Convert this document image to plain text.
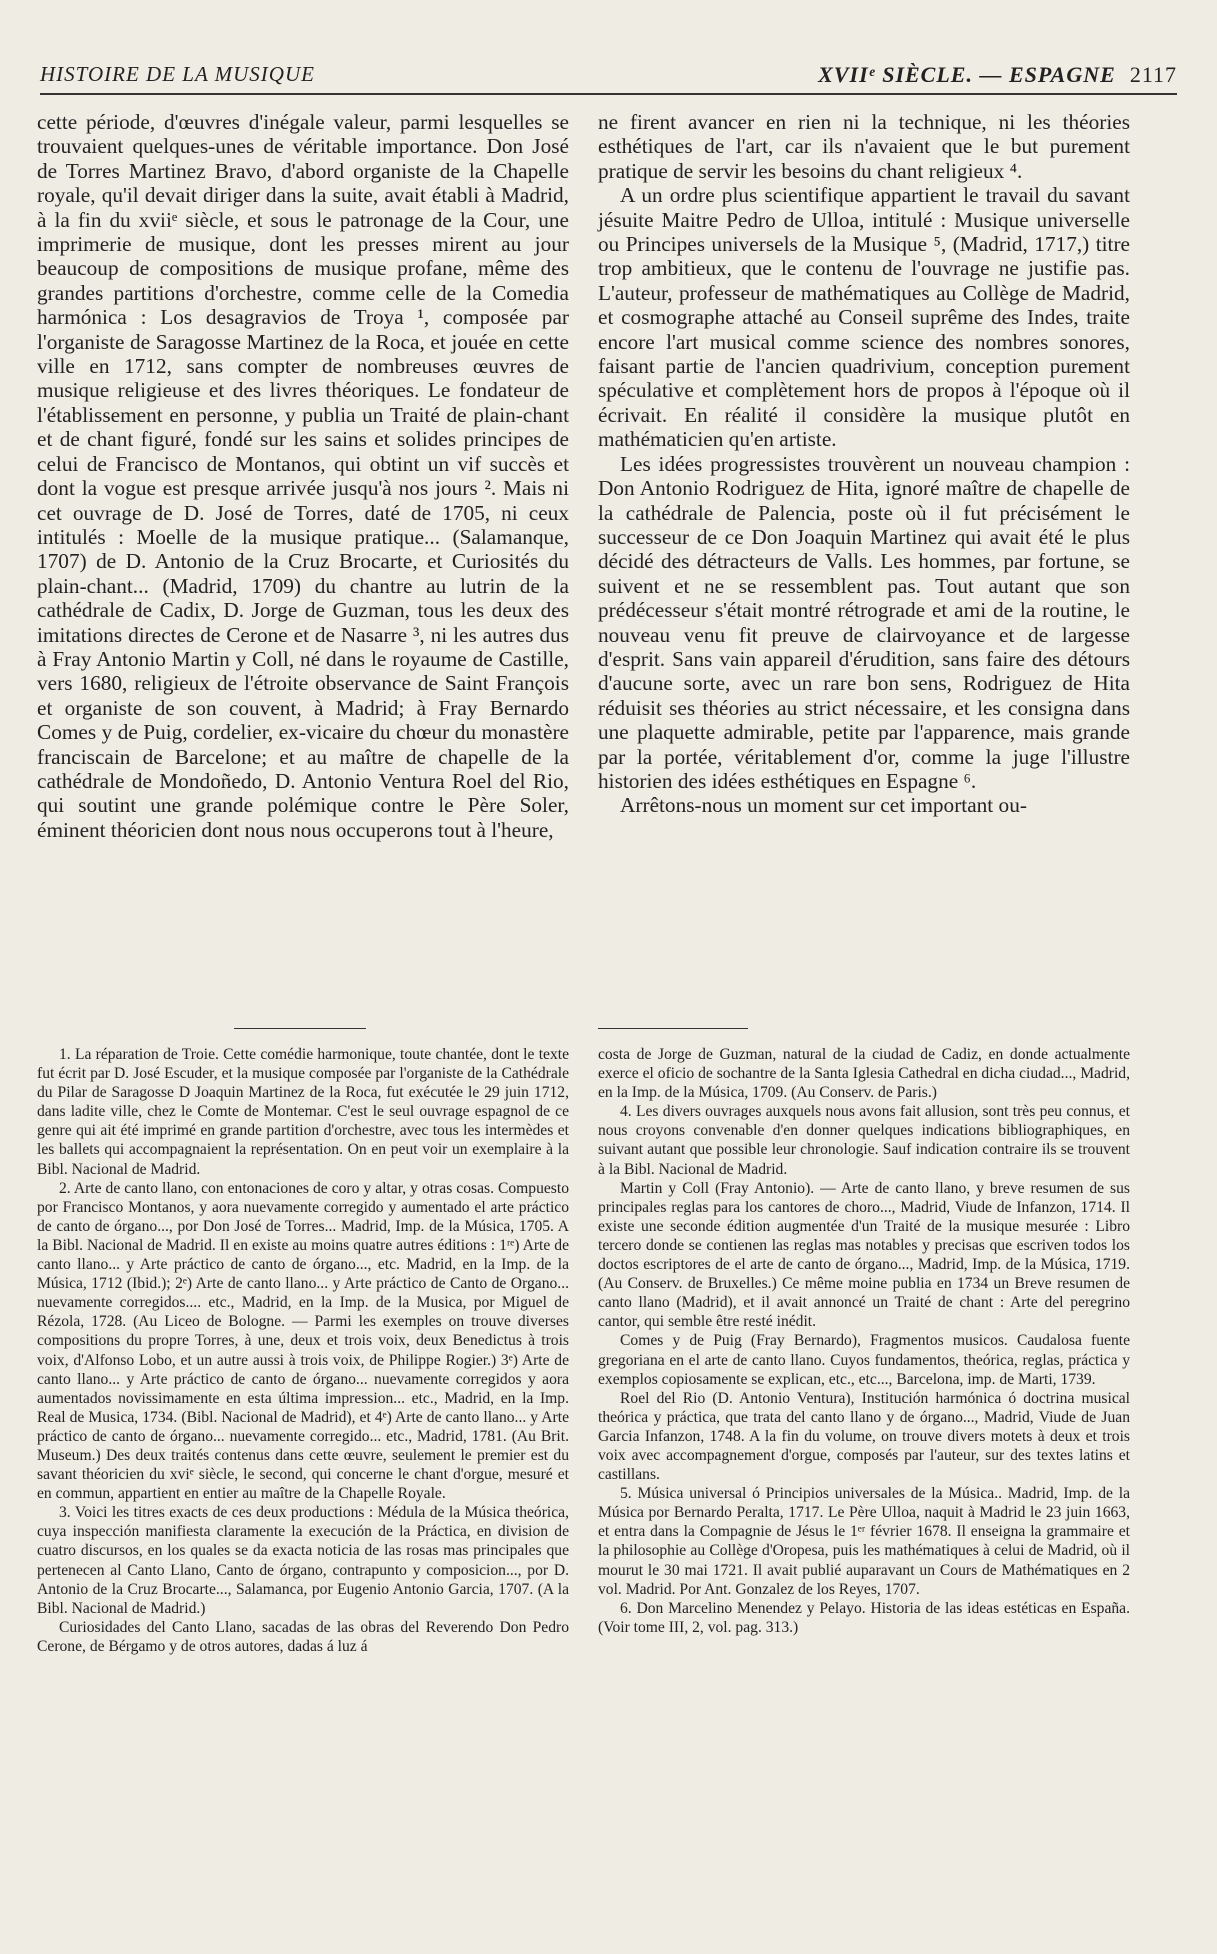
HISTOIRE DE LA MUSIQUE	XVIIᵉ SIÈCLE. — ESPAGNE 2117

cette période, d'œuvres d'inégale valeur, parmi lesquelles se trouvaient quelques-unes de véritable importance. Don José de Torres Martinez Bravo, d'abord organiste de la Chapelle royale, qu'il devait diriger dans la suite, avait établi à Madrid, à la fin du xviiᵉ siècle, et sous le patronage de la Cour, une imprimerie de musique, dont les presses mirent au jour beaucoup de compositions de musique profane, même des grandes partitions d'orchestre, comme celle de la Comedia harmónica : Los desagravios de Troya ¹, composée par l'organiste de Saragosse Martinez de la Roca, et jouée en cette ville en 1712, sans compter de nombreuses œuvres de musique religieuse et des livres théoriques. Le fondateur de l'établissement en personne, y publia un Traité de plain-chant et de chant figuré, fondé sur les sains et solides principes de celui de Francisco de Montanos, qui obtint un vif succès et dont la vogue est presque arrivée jusqu'à nos jours ². Mais ni cet ouvrage de D. José de Torres, daté de 1705, ni ceux intitulés : Moelle de la musique pratique... (Salamanque, 1707) de D. Antonio de la Cruz Brocarte, et Curiosités du plain-chant... (Madrid, 1709) du chantre au lutrin de la cathédrale de Cadix, D. Jorge de Guzman, tous les deux des imitations directes de Cerone et de Nasarre ³, ni les autres dus à Fray Antonio Martin y Coll, né dans le royaume de Castille, vers 1680, religieux de l'étroite observance de Saint François et organiste de son couvent, à Madrid; à Fray Bernardo Comes y de Puig, cordelier, ex-vicaire du chœur du monastère franciscain de Barcelone; et au maître de chapelle de la cathédrale de Mondoñedo, D. Antonio Ventura Roel del Rio, qui soutint une grande polémique contre le Père Soler, éminent théoricien dont nous nous occuperons tout à l'heure,

ne firent avancer en rien ni la technique, ni les théories esthétiques de l'art, car ils n'avaient que le but purement pratique de servir les besoins du chant religieux ⁴.

A un ordre plus scientifique appartient le travail du savant jésuite Maitre Pedro de Ulloa, intitulé : Musique universelle ou Principes universels de la Musique ⁵, (Madrid, 1717,) titre trop ambitieux, que le contenu de l'ouvrage ne justifie pas. L'auteur, professeur de mathématiques au Collège de Madrid, et cosmographe attaché au Conseil suprême des Indes, traite encore l'art musical comme science des nombres sonores, faisant partie de l'ancien quadrivium, conception purement spéculative et complètement hors de propos à l'époque où il écrivait. En réalité il considère la musique plutôt en mathématicien qu'en artiste.

Les idées progressistes trouvèrent un nouveau champion : Don Antonio Rodriguez de Hita, ignoré maître de chapelle de la cathédrale de Palencia, poste où il fut précisément le successeur de ce Don Joaquin Martinez qui avait été le plus décidé des détracteurs de Valls. Les hommes, par fortune, se suivent et ne se ressemblent pas. Tout autant que son prédécesseur s'était montré rétrograde et ami de la routine, le nouveau venu fit preuve de clairvoyance et de largesse d'esprit. Sans vain appareil d'érudition, sans faire des détours d'aucune sorte, avec un rare bon sens, Rodriguez de Hita réduisit ses théories au strict nécessaire, et les consigna dans une plaquette admirable, petite par l'apparence, mais grande par la portée, véritablement d'or, comme la juge l'illustre historien des idées esthétiques en Espagne ⁶.

Arrêtons-nous un moment sur cet important ou-

1. La réparation de Troie. Cette comédie harmonique, toute chantée, dont le texte fut écrit par D. José Escuder, et la musique composée par l'organiste de la Cathédrale du Pilar de Saragosse D Joaquin Martinez de la Roca, fut exécutée le 29 juin 1712, dans ladite ville, chez le Comte de Montemar. C'est le seul ouvrage espagnol de ce genre qui ait été imprimé en grande partition d'orchestre, avec tous les intermèdes et les ballets qui accompagnaient la représentation. On en peut voir un exemplaire à la Bibl. Nacional de Madrid.

2. Arte de canto llano, con entonaciones de coro y altar, y otras cosas. Compuesto por Francisco Montanos, y aora nuevamente corregido y aumentado el arte práctico de canto de órgano..., por Don José de Torres... Madrid, Imp. de la Música, 1705. A la Bibl. Nacional de Madrid. Il en existe au moins quatre autres éditions : 1ʳᵉ) Arte de canto llano... y Arte práctico de canto de órgano..., etc. Madrid, en la Imp. de la Música, 1712 (Ibid.); 2ᵉ) Arte de canto llano... y Arte práctico de Canto de Organo... nuevamente corregidos.... etc., Madrid, en la Imp. de la Musica, por Miguel de Rézola, 1728. (Au Liceo de Bologne. — Parmi les exemples on trouve diverses compositions du propre Torres, à une, deux et trois voix, deux Benedictus à trois voix, d'Alfonso Lobo, et un autre aussi à trois voix, de Philippe Rogier.) 3ᵉ) Arte de canto llano... y Arte práctico de canto de órgano... nuevamente corregidos y aora aumentados novissimamente en esta última impression... etc., Madrid, en la Imp. Real de Musica, 1734. (Bibl. Nacional de Madrid), et 4ᵉ) Arte de canto llano... y Arte práctico de canto de órgano... nuevamente corregido... etc., Madrid, 1781. (Au Brit. Museum.) Des deux traités contenus dans cette œuvre, seulement le premier est du savant théoricien du xviᵉ siècle, le second, qui concerne le chant d'orgue, mesuré et en commun, appartient en entier au maître de la Chapelle Royale.

3. Voici les titres exacts de ces deux productions : Médula de la Música theórica, cuya inspección manifiesta claramente la execución de la Práctica, en division de cuatro discursos, en los quales se da exacta noticia de las rosas mas principales que pertenecen al Canto Llano, Canto de órgano, contrapunto y composicion..., por D. Antonio de la Cruz Brocarte..., Salamanca, por Eugenio Antonio Garcia, 1707. (A la Bibl. Nacional de Madrid.)

Curiosidades del Canto Llano, sacadas de las obras del Reverendo Don Pedro Cerone, de Bérgamo y de otros autores, dadas á luz á

costa de Jorge de Guzman, natural de la ciudad de Cadiz, en donde actualmente exerce el oficio de sochantre de la Santa Iglesia Cathedral en dicha ciudad..., Madrid, en la Imp. de la Música, 1709. (Au Conserv. de Paris.)

4. Les divers ouvrages auxquels nous avons fait allusion, sont très peu connus, et nous croyons convenable d'en donner quelques indications bibliographiques, en suivant autant que possible leur chronologie. Sauf indication contraire ils se trouvent à la Bibl. Nacional de Madrid.

Martin y Coll (Fray Antonio). — Arte de canto llano, y breve resumen de sus principales reglas para los cantores de choro..., Madrid, Viude de Infanzon, 1714. Il existe une seconde édition augmentée d'un Traité de la musique mesurée : Libro tercero donde se contienen las reglas mas notables y precisas que escriven todos los doctos escriptores de el arte de canto de órgano..., Madrid, Imp. de la Música, 1719. (Au Conserv. de Bruxelles.) Ce même moine publia en 1734 un Breve resumen de canto llano (Madrid), et il avait annoncé un Traité de chant : Arte del peregrino cantor, qui semble être resté inédit.

Comes y de Puig (Fray Bernardo), Fragmentos musicos. Caudalosa fuente gregoriana en el arte de canto llano. Cuyos fundamentos, theórica, reglas, práctica y exemplos copiosamente se explican, etc., etc..., Barcelona, imp. de Marti, 1739.

Roel del Rio (D. Antonio Ventura), Institución harmónica ó doctrina musical theórica y práctica, que trata del canto llano y de órgano..., Madrid, Viude de Juan Garcia Infanzon, 1748. A la fin du volume, on trouve divers motets à deux et trois voix avec accompagnement d'orgue, composés par l'auteur, sur des textes latins et castillans.

5. Música universal ó Principios universales de la Música.. Madrid, Imp. de la Música por Bernardo Peralta, 1717. Le Père Ulloa, naquit à Madrid le 23 juin 1663, et entra dans la Compagnie de Jésus le 1ᵉʳ février 1678. Il enseigna la grammaire et la philosophie au Collège d'Oropesa, puis les mathématiques à celui de Madrid, où il mourut le 30 mai 1721. Il avait publié auparavant un Cours de Mathématiques en 2 vol. Madrid. Por Ant. Gonzalez de los Reyes, 1707.

6. Don Marcelino Menendez y Pelayo. Historia de las ideas estéticas en España. (Voir tome III, 2, vol. pag. 313.)
